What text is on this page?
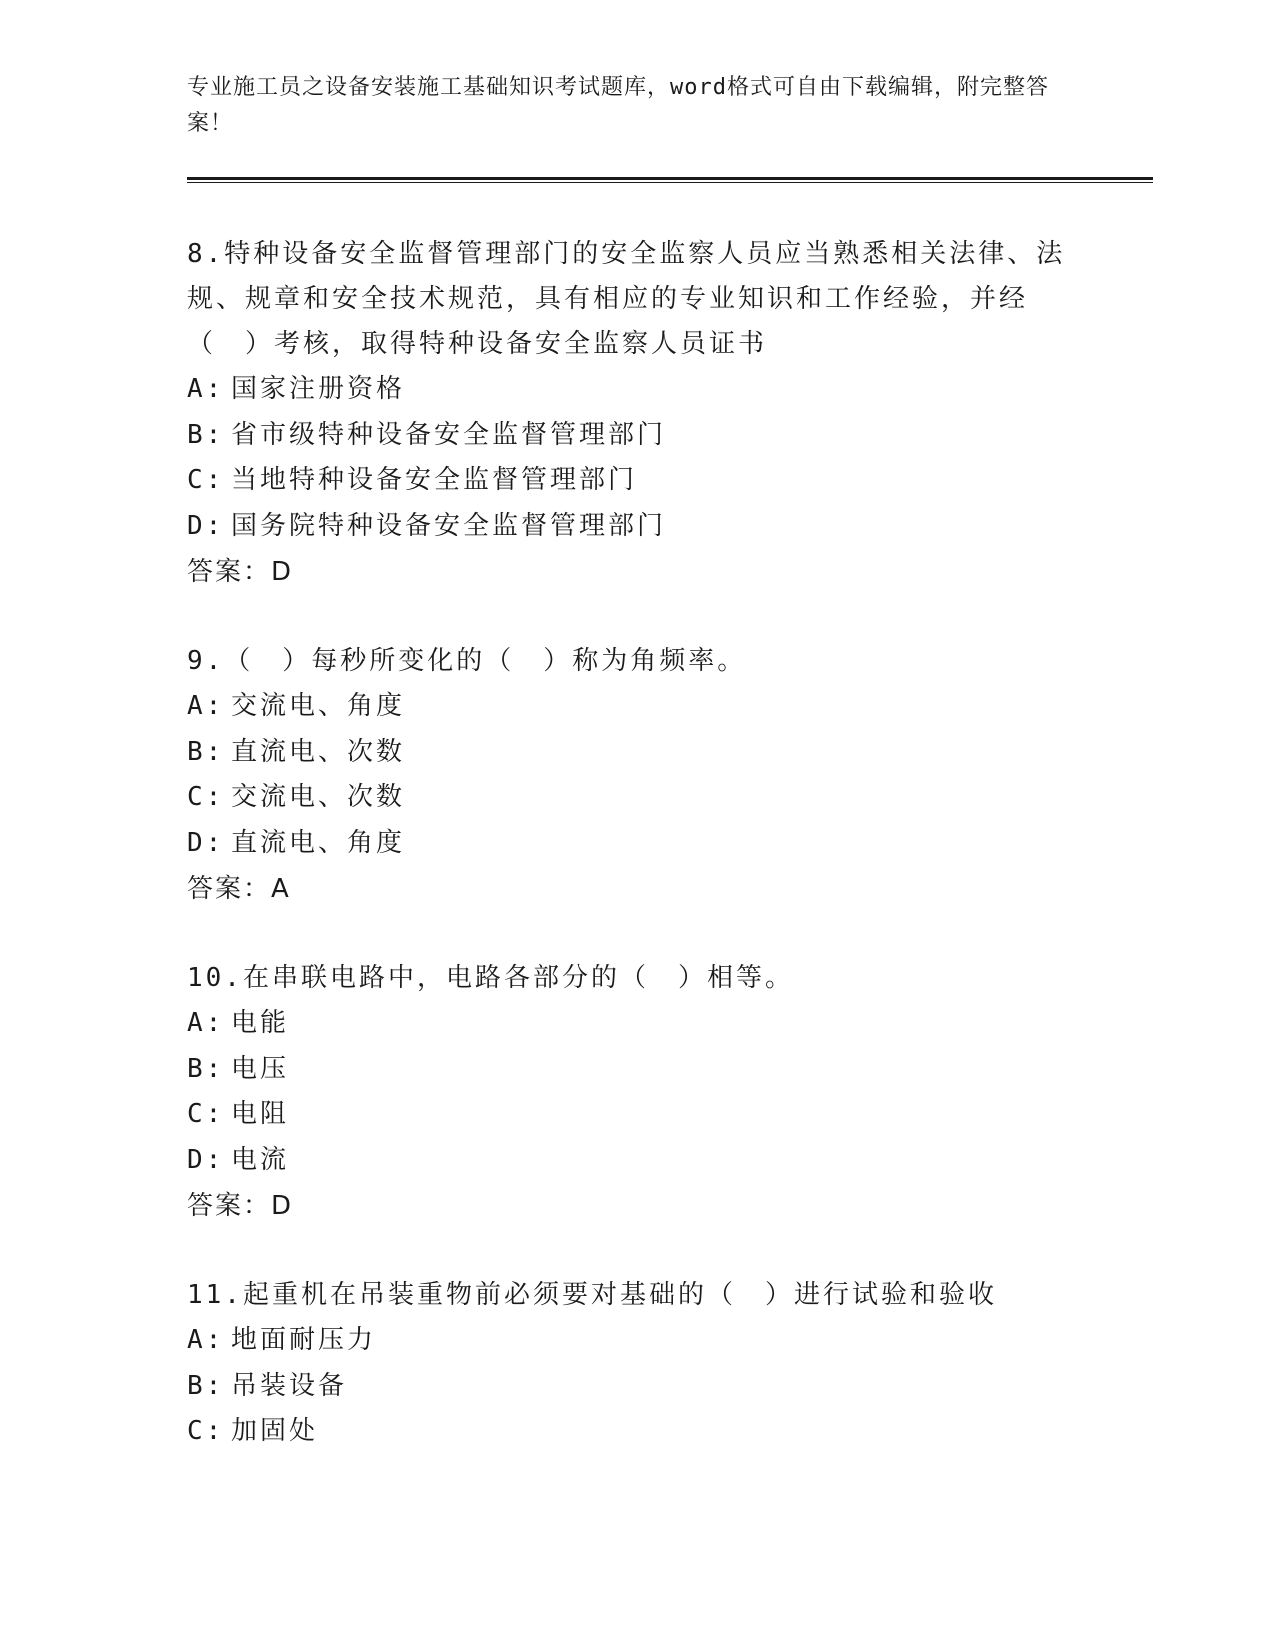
专业施工员之设备安装施工基础知识考试题库，word格式可自由下载编辑，附完整答案！

8.特种设备安全监督管理部门的安全监察人员应当熟悉相关法律、法规、规章和安全技术规范，具有相应的专业知识和工作经验，并经（　）考核，取得特种设备安全监察人员证书

A: 国家注册资格
B: 省市级特种设备安全监督管理部门
C: 当地特种设备安全监督管理部门
D: 国务院特种设备安全监督管理部门
答案：D

9.（　）每秒所变化的（　）称为角频率。

A: 交流电、角度
B: 直流电、次数
C: 交流电、次数
D: 直流电、角度
答案：A

10.在串联电路中，电路各部分的（　）相等。

A: 电能
B: 电压
C: 电阻
D: 电流
答案：D

11.起重机在吊装重物前必须要对基础的（　）进行试验和验收

A: 地面耐压力
B: 吊装设备
C: 加固处
